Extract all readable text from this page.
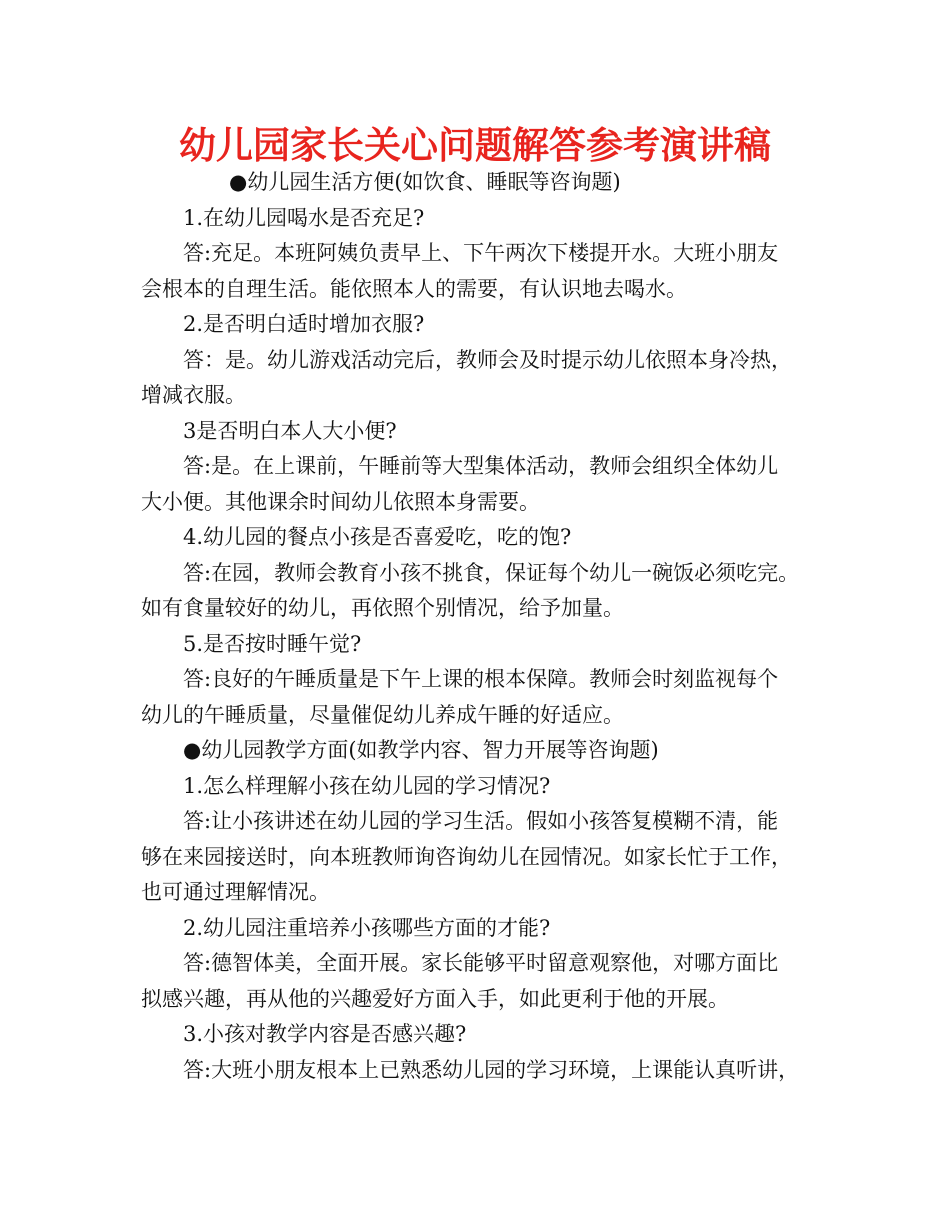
幼儿园家长关心问题解答参考演讲稿
●幼儿园生活方便(如饮食、睡眠等咨询题)
1.在幼儿园喝水是否充足?
答:充足。本班阿姨负责早上、下午两次下楼提开水。大班小朋友
会根本的自理生活。能依照本人的需要，有认识地去喝水。
2.是否明白适时增加衣服?
答：是。幼儿游戏活动完后，教师会及时提示幼儿依照本身冷热，
增减衣服。
3是否明白本人大小便?
答:是。在上课前，午睡前等大型集体活动，教师会组织全体幼儿
大小便。其他课余时间幼儿依照本身需要。
4.幼儿园的餐点小孩是否喜爱吃，吃的饱?
答:在园，教师会教育小孩不挑食，保证每个幼儿一碗饭必须吃完。
如有食量较好的幼儿，再依照个别情况，给予加量。
5.是否按时睡午觉?
答:良好的午睡质量是下午上课的根本保障。教师会时刻监视每个
幼儿的午睡质量，尽量催促幼儿养成午睡的好适应。
●幼儿园教学方面(如教学内容、智力开展等咨询题)
1.怎么样理解小孩在幼儿园的学习情况?
答:让小孩讲述在幼儿园的学习生活。假如小孩答复模糊不清，能
够在来园接送时，向本班教师询咨询幼儿在园情况。如家长忙于工作，
也可通过理解情况。
2.幼儿园注重培养小孩哪些方面的才能?
答:德智体美，全面开展。家长能够平时留意观察他，对哪方面比
拟感兴趣，再从他的兴趣爱好方面入手，如此更利于他的开展。
3.小孩对教学内容是否感兴趣?
答:大班小朋友根本上已熟悉幼儿园的学习环境，上课能认真听讲，
